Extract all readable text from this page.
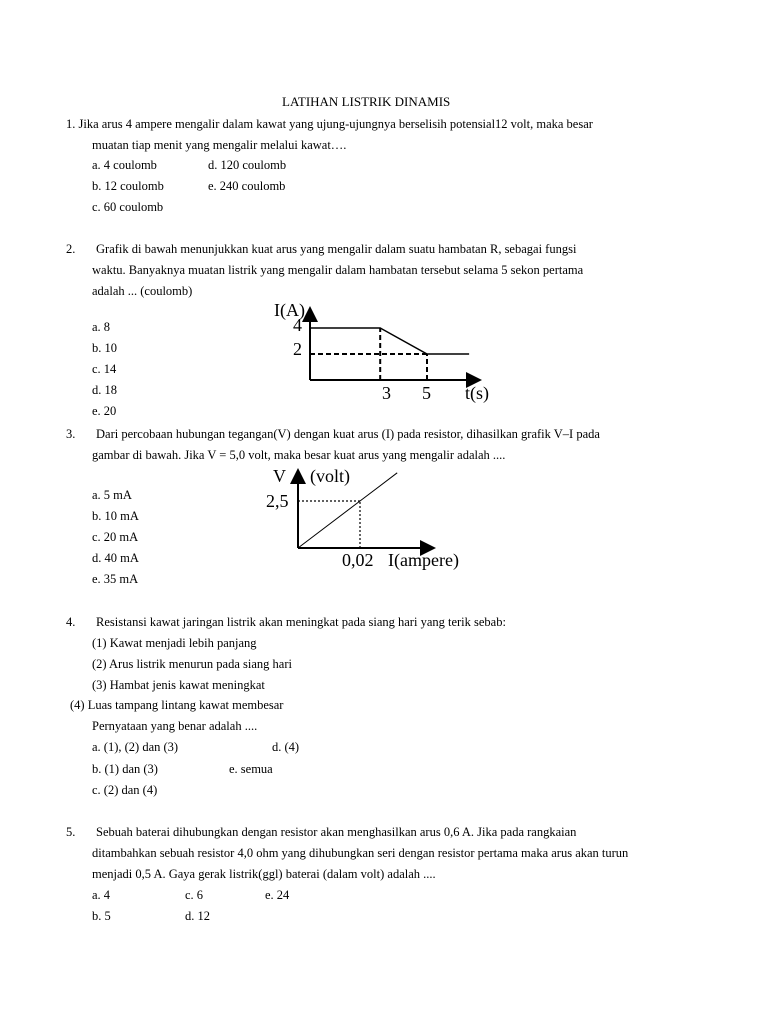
LATIHAN LISTRIK DINAMIS
1. Jika arus 4 ampere mengalir dalam kawat yang ujung-ujungnya berselisih potensial12 volt, maka besar
muatan tiap menit yang mengalir melalui kawat….
a. 4 coulomb	d. 120 coulomb
b. 12 coulomb	e. 240 coulomb
c. 60 coulomb
2. Grafik di bawah menunjukkan kuat arus yang mengalir dalam suatu hambatan R, sebagai fungsi
waktu. Banyaknya muatan listrik yang mengalir dalam hambatan tersebut selama 5 sekon pertama
adalah ... (coulomb)
a. 8
b. 10
c. 14
d. 18
e. 20
I(A)
t(s)
4
2
3 5
3. Dari percobaan hubungan tegangan(V) dengan kuat arus (I) pada resistor, dihasilkan grafik V–I pada
gambar di bawah. Jika V = 5,0 volt, maka besar kuat arus yang mengalir adalah ....
a. 5 mA
b. 10 mA
c. 20 mA
d. 40 mA
e. 35 mA
V (volt)
2,5
0,02 I(ampere)
4. Resistansi kawat jaringan listrik akan meningkat pada siang hari yang terik sebab:
(1) Kawat menjadi lebih panjang
(2) Arus listrik menurun pada siang hari
(3) Hambat jenis kawat meningkat
(4) Luas tampang lintang kawat membesar
Pernyataan yang benar adalah ....
a. (1), (2) dan (3)	d. (4)
b. (1) dan (3)	e. semua
c. (2) dan (4)
5. Sebuah baterai dihubungkan dengan resistor akan menghasilkan arus 0,6 A. Jika pada rangkaian
ditambahkan sebuah resistor 4,0 ohm yang dihubungkan seri dengan resistor pertama maka arus akan turun
menjadi 0,5 A. Gaya gerak listrik(ggl) baterai (dalam volt) adalah ....
a. 4	c. 6	e. 24
b. 5	d. 12
